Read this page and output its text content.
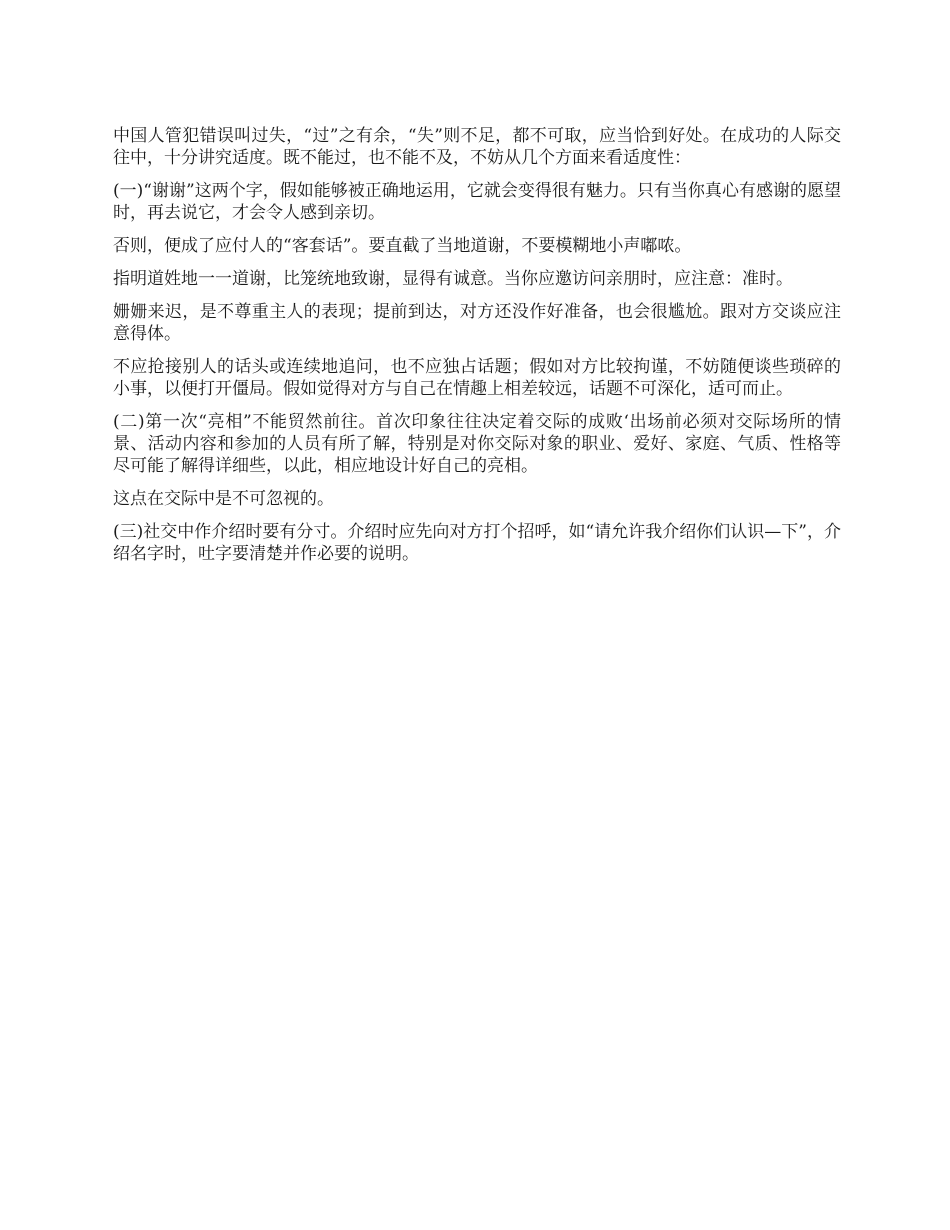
中国人管犯错误叫过失，“过”之有余，“失”则不足，都不可取，应当恰到好处。在成功的人际交往中，十分讲究适度。既不能过，也不能不及，不妨从几个方面来看适度性：

(一)“谢谢”这两个字，假如能够被正确地运用，它就会变得很有魅力。只有当你真心有感谢的愿望时，再去说它，才会令人感到亲切。

否则，便成了应付人的“客套话”。要直截了当地道谢，不要模糊地小声嘟哝。

指明道姓地一一道谢，比笼统地致谢，显得有诚意。当你应邀访问亲朋时，应注意：准时。

姗姗来迟，是不尊重主人的表现；提前到达，对方还没作好准备，也会很尴尬。跟对方交谈应注意得体。

不应抢接别人的话头或连续地追问，也不应独占话题；假如对方比较拘谨，不妨随便谈些琐碎的小事，以便打开僵局。假如觉得对方与自己在情趣上相差较远，话题不可深化，适可而止。

(二)第一次“亮相”不能贸然前往。首次印象往往决定着交际的成败‘出场前必须对交际场所的情景、活动内容和参加的人员有所了解，特别是对你交际对象的职业、爱好、家庭、气质、性格等尽可能了解得详细些，以此，相应地设计好自己的亮相。

这点在交际中是不可忽视的。

(三)社交中作介绍时要有分寸。介绍时应先向对方打个招呼，如“请允许我介绍你们认识—下”，介绍名字时，吐字要清楚并作必要的说明。
